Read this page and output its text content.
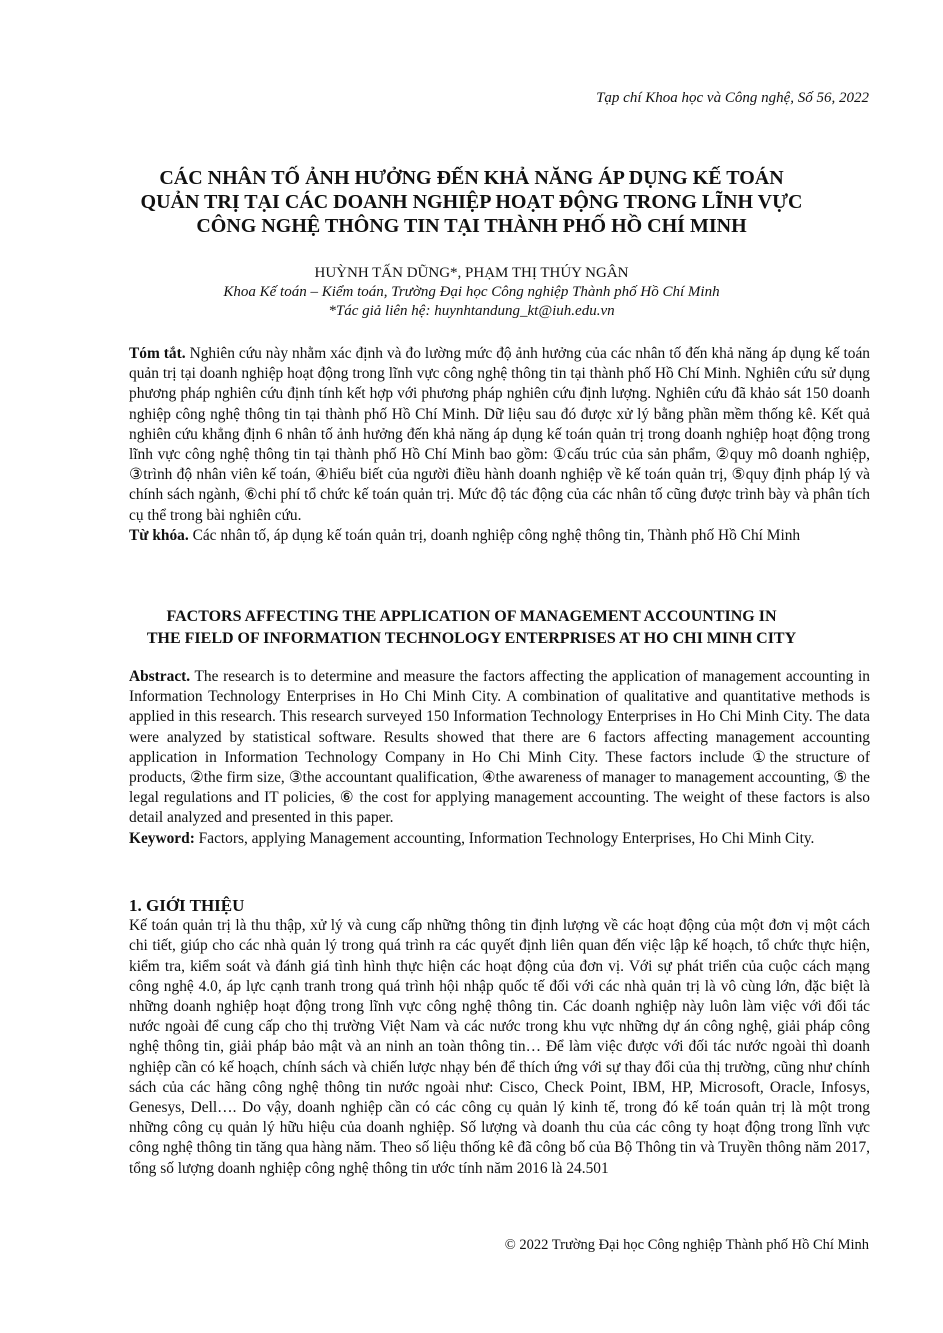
Tạp chí Khoa học và Công nghệ, Số 56, 2022
CÁC NHÂN TỐ ẢNH HƯỞNG ĐẾN KHẢ NĂNG ÁP DỤNG KẾ TOÁN
QUẢN TRỊ TẠI CÁC DOANH NGHIỆP HOẠT ĐỘNG TRONG LĨNH VỰC
CÔNG NGHỆ THÔNG TIN TẠI THÀNH PHỐ HỒ CHÍ MINH
HUỲNH TẤN DŨNG*, PHẠM THỊ THÚY NGÂN
Khoa Kế toán – Kiểm toán, Trường Đại học Công nghiệp Thành phố Hồ Chí Minh
*Tác giả liên hệ: huynhtandung_kt@iuh.edu.vn
Tóm tắt. Nghiên cứu này nhằm xác định và đo lường mức độ ảnh hưởng của các nhân tố đến khả năng áp dụng kế toán quản trị tại doanh nghiệp hoạt động trong lĩnh vực công nghệ thông tin tại thành phố Hồ Chí Minh. Nghiên cứu sử dụng phương pháp nghiên cứu định tính kết hợp với phương pháp nghiên cứu định lượng. Nghiên cứu đã khảo sát 150 doanh nghiệp công nghệ thông tin tại thành phố Hồ Chí Minh. Dữ liệu sau đó được xử lý bằng phần mềm thống kê. Kết quả nghiên cứu khẳng định 6 nhân tố ảnh hưởng đến khả năng áp dụng kế toán quản trị trong doanh nghiệp hoạt động trong lĩnh vực công nghệ thông tin tại thành phố Hồ Chí Minh bao gồm: ①cấu trúc của sản phẩm, ②quy mô doanh nghiệp, ③trình độ nhân viên kế toán, ④hiểu biết của người điều hành doanh nghiệp về kế toán quản trị, ⑤quy định pháp lý và chính sách ngành, ⑥chi phí tổ chức kế toán quản trị. Mức độ tác động của các nhân tố cũng được trình bày và phân tích cụ thể trong bài nghiên cứu.
Từ khóa. Các nhân tố, áp dụng kế toán quản trị, doanh nghiệp công nghệ thông tin, Thành phố Hồ Chí Minh
FACTORS AFFECTING THE APPLICATION OF MANAGEMENT ACCOUNTING IN
THE FIELD OF INFORMATION TECHNOLOGY ENTERPRISES AT HO CHI MINH CITY
Abstract. The research is to determine and measure the factors affecting the application of management accounting in Information Technology Enterprises in Ho Chi Minh City. A combination of qualitative and quantitative methods is applied in this research. This research surveyed 150 Information Technology Enterprises in Ho Chi Minh City. The data were analyzed by statistical software. Results showed that there are 6 factors affecting management accounting application in Information Technology Company in Ho Chi Minh City. These factors include ①the structure of products, ②the firm size, ③the accountant qualification, ④the awareness of manager to management accounting, ⑤ the legal regulations and IT policies, ⑥ the cost for applying management accounting. The weight of these factors is also detail analyzed and presented in this paper.
Keyword: Factors, applying Management accounting, Information Technology Enterprises, Ho Chi Minh City.
1. GIỚI THIỆU
Kế toán quản trị là thu thập, xử lý và cung cấp những thông tin định lượng về các hoạt động của một đơn vị một cách chi tiết, giúp cho các nhà quản lý trong quá trình ra các quyết định liên quan đến việc lập kế hoạch, tổ chức thực hiện, kiểm tra, kiểm soát và đánh giá tình hình thực hiện các hoạt động của đơn vị. Với sự phát triển của cuộc cách mạng công nghệ 4.0, áp lực cạnh tranh trong quá trình hội nhập quốc tế đối với các nhà quản trị là vô cùng lớn, đặc biệt là những doanh nghiệp hoạt động trong lĩnh vực công nghệ thông tin. Các doanh nghiệp này luôn làm việc với đối tác nước ngoài để cung cấp cho thị trường Việt Nam và các nước trong khu vực những dự án công nghệ, giải pháp công nghệ thông tin, giải pháp bảo mật và an ninh an toàn thông tin… Để làm việc được với đối tác nước ngoài thì doanh nghiệp cần có kế hoạch, chính sách và chiến lược nhạy bén để thích ứng với sự thay đổi của thị trường, cũng như chính sách của các hãng công nghệ thông tin nước ngoài như: Cisco, Check Point, IBM, HP, Microsoft, Oracle, Infosys, Genesys, Dell…. Do vậy, doanh nghiệp cần có các công cụ quản lý kinh tế, trong đó kế toán quản trị là một trong những công cụ quản lý hữu hiệu của doanh nghiệp. Số lượng và doanh thu của các công ty hoạt động trong lĩnh vực công nghệ thông tin tăng qua hàng năm. Theo số liệu thống kê đã công bố của Bộ Thông tin và Truyền thông năm 2017, tổng số lượng doanh nghiệp công nghệ thông tin ước tính năm 2016 là 24.501
© 2022 Trường Đại học Công nghiệp Thành phố Hồ Chí Minh
